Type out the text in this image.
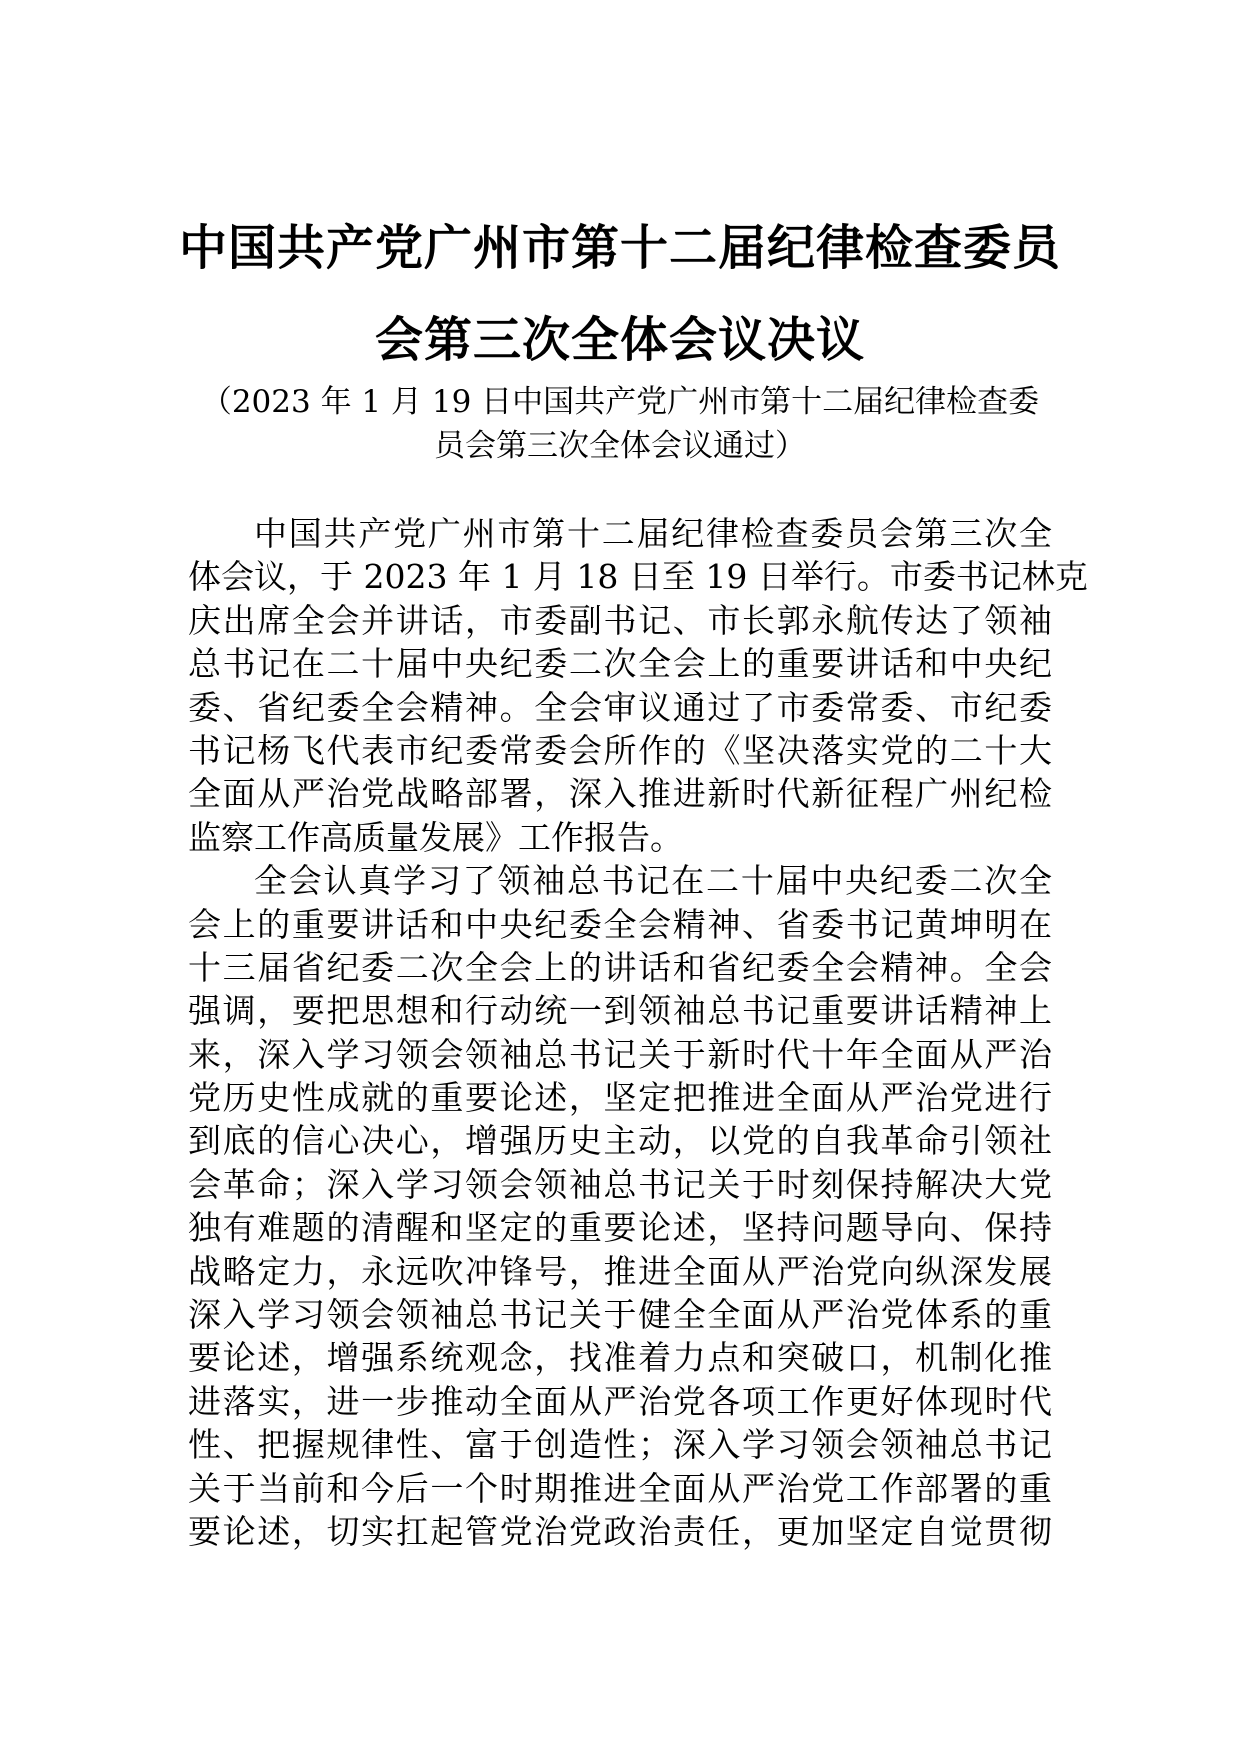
中国共产党广州市第十二届纪律检查委员
会第三次全体会议决议

（2023 年 1 月 19 日中国共产党广州市第十二届纪律检查委

员会第三次全体会议通过）

中国共产党广州市第十二届纪律检查委员会第三次全
体会议，于 2023 年 1 月 18 日至 19 日举行。市委书记林克
庆出席全会并讲话，市委副书记、市长郭永航传达了领袖
总书记在二十届中央纪委二次全会上的重要讲话和中央纪
委、省纪委全会精神。全会审议通过了市委常委、市纪委
书记杨飞代表市纪委常委会所作的《坚决落实党的二十大
全面从严治党战略部署，深入推进新时代新征程广州纪检
监察工作高质量发展》工作报告。
全会认真学习了领袖总书记在二十届中央纪委二次全
会上的重要讲话和中央纪委全会精神、省委书记黄坤明在
十三届省纪委二次全会上的讲话和省纪委全会精神。全会
强调，要把思想和行动统一到领袖总书记重要讲话精神上
来，深入学习领会领袖总书记关于新时代十年全面从严治
党历史性成就的重要论述，坚定把推进全面从严治党进行
到底的信心决心，增强历史主动，以党的自我革命引领社
会革命；深入学习领会领袖总书记关于时刻保持解决大党
独有难题的清醒和坚定的重要论述，坚持问题导向、保持
战略定力，永远吹冲锋号，推进全面从严治党向纵深发展
深入学习领会领袖总书记关于健全全面从严治党体系的重
要论述，增强系统观念，找准着力点和突破口，机制化推
进落实，进一步推动全面从严治党各项工作更好体现时代
性、把握规律性、富于创造性；深入学习领会领袖总书记
关于当前和今后一个时期推进全面从严治党工作部署的重
要论述，切实扛起管党治党政治责任，更加坚定自觉贯彻
